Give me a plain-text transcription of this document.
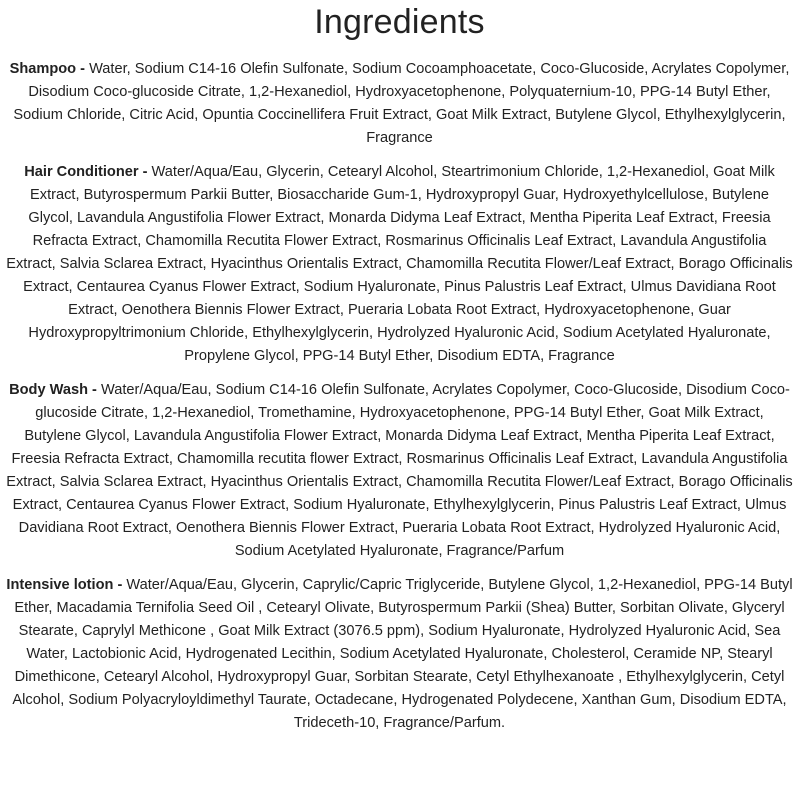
Ingredients

Shampoo - Water, Sodium C14-16 Olefin Sulfonate, Sodium Cocoamphoacetate, Coco-Glucoside, Acrylates Copolymer, Disodium Coco-glucoside Citrate, 1,2-Hexanediol, Hydroxyacetophenone, Polyquaternium-10, PPG-14 Butyl Ether, Sodium Chloride, Citric Acid, Opuntia Coccinellifera Fruit Extract, Goat Milk Extract, Butylene Glycol, Ethylhexylglycerin, Fragrance

Hair Conditioner - Water/Aqua/Eau, Glycerin, Cetearyl Alcohol, Steartrimonium Chloride, 1,2-Hexanediol, Goat Milk Extract, Butyrospermum Parkii Butter, Biosaccharide Gum-1, Hydroxypropyl Guar, Hydroxyethylcellulose, Butylene Glycol, Lavandula Angustifolia Flower Extract, Monarda Didyma Leaf Extract, Mentha Piperita Leaf Extract, Freesia Refracta Extract, Chamomilla Recutita Flower Extract, Rosmarinus Officinalis Leaf Extract, Lavandula Angustifolia Extract, Salvia Sclarea Extract, Hyacinthus Orientalis Extract, Chamomilla Recutita Flower/Leaf Extract, Borago Officinalis Extract, Centaurea Cyanus Flower Extract, Sodium Hyaluronate, Pinus Palustris Leaf Extract, Ulmus Davidiana Root Extract, Oenothera Biennis Flower Extract, Pueraria Lobata Root Extract, Hydroxyacetophenone, Guar Hydroxypropyltrimonium Chloride, Ethylhexylglycerin, Hydrolyzed Hyaluronic Acid, Sodium Acetylated Hyaluronate, Propylene Glycol, PPG-14 Butyl Ether, Disodium EDTA, Fragrance

Body Wash - Water/Aqua/Eau, Sodium C14-16 Olefin Sulfonate, Acrylates Copolymer, Coco-Glucoside, Disodium Coco-glucoside Citrate, 1,2-Hexanediol, Tromethamine, Hydroxyacetophenone, PPG-14 Butyl Ether, Goat Milk Extract, Butylene Glycol, Lavandula Angustifolia Flower Extract, Monarda Didyma Leaf Extract, Mentha Piperita Leaf Extract, Freesia Refracta Extract, Chamomilla recutita flower Extract, Rosmarinus Officinalis Leaf Extract, Lavandula Angustifolia Extract, Salvia Sclarea Extract, Hyacinthus Orientalis Extract, Chamomilla Recutita Flower/Leaf Extract, Borago Officinalis Extract, Centaurea Cyanus Flower Extract, Sodium Hyaluronate, Ethylhexylglycerin, Pinus Palustris Leaf Extract, Ulmus Davidiana Root Extract, Oenothera Biennis Flower Extract, Pueraria Lobata Root Extract, Hydrolyzed Hyaluronic Acid, Sodium Acetylated Hyaluronate, Fragrance/Parfum

Intensive lotion - Water/Aqua/Eau, Glycerin, Caprylic/Capric Triglyceride, Butylene Glycol, 1,2-Hexanediol, PPG-14 Butyl Ether, Macadamia Ternifolia Seed Oil , Cetearyl Olivate, Butyrospermum Parkii (Shea) Butter, Sorbitan Olivate, Glyceryl Stearate, Caprylyl Methicone , Goat Milk Extract (3076.5 ppm), Sodium Hyaluronate, Hydrolyzed Hyaluronic Acid, Sea Water, Lactobionic Acid, Hydrogenated Lecithin, Sodium Acetylated Hyaluronate, Cholesterol, Ceramide NP, Stearyl Dimethicone, Cetearyl Alcohol, Hydroxypropyl Guar, Sorbitan Stearate, Cetyl Ethylhexanoate , Ethylhexylglycerin, Cetyl Alcohol, Sodium Polyacryloyldimethyl Taurate, Octadecane, Hydrogenated Polydecene, Xanthan Gum, Disodium EDTA, Trideceth-10, Fragrance/Parfum.
